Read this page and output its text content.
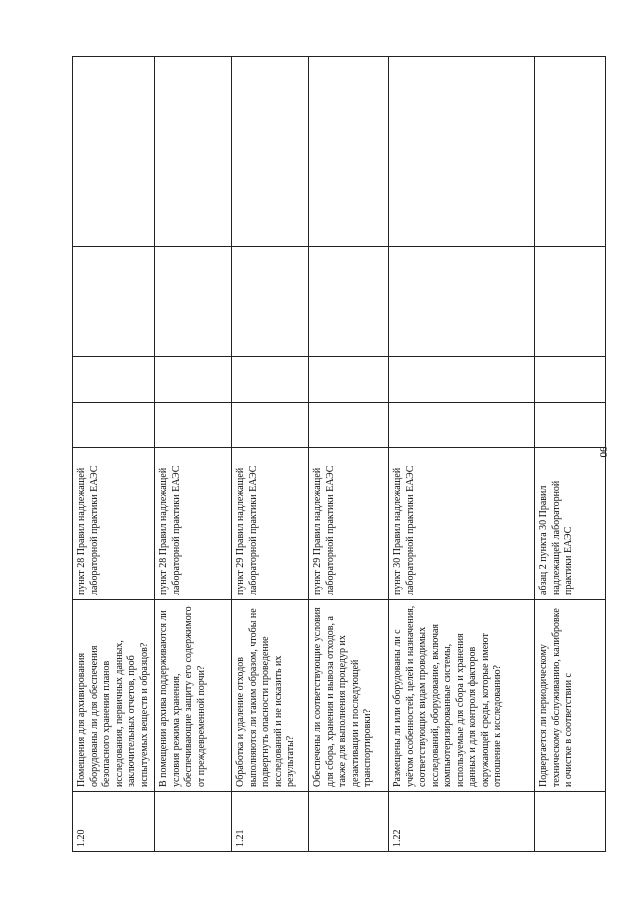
90
1.20	Помещения для архивирования оборудованы ли для обеспечения безопасного хранения планов исследования, первичных данных, заключительных отчетов, проб испытуемых веществ и образцов?	пункт 28 Правил надлежащей лабораторной практики ЕАЭС				
	В помещении архива поддерживаются ли условия режима хранения, обеспечивающие защиту его содержимого от преждевременной порчи?	пункт 28 Правил надлежащей лабораторной практики ЕАЭС				
1.21	Обработка и удаление отходов выполняются ли таким образом, чтобы не подвергнуть опасности проведение исследований и не исказить их результаты?	пункт 29 Правил надлежащей лабораторной практики ЕАЭС				
	Обеспечены ли соответствующие условия для сбора, хранения и вывоза отходов, а также для выполнения процедур их дезактивации и последующей транспортировки?	пункт 29 Правил надлежащей лабораторной практики ЕАЭС				
1.22	Размещены ли или оборудованы ли с учётом особенностей, целей и назначения, соответствующих видам проводимых исследований, оборудование, включая компьютеризированные системы, используемые для сбора и хранения данных и для контроля факторов окружающей среды, которые имеют отношение к исследованию?	пункт 30 Правил надлежащей лабораторной практики ЕАЭС				
	Подвергается ли периодическому техническому обслуживанию, калибровке и очистке в соответствии с	абзац 2 пункта 30 Правил надлежащей лабораторной практики ЕАЭС				
